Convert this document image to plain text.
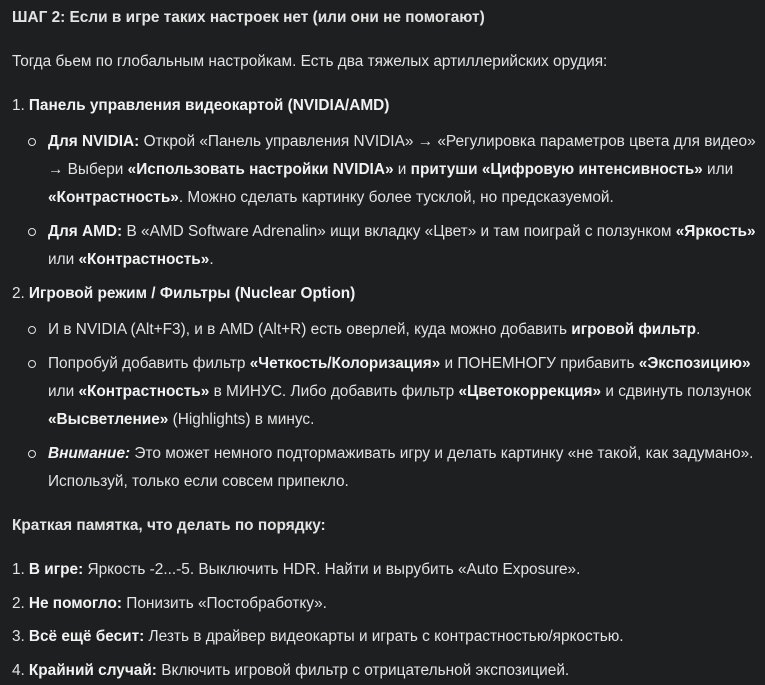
ШАГ 2: Если в игре таких настроек нет (или они не помогают)

Тогда бьем по глобальным настройкам. Есть два тяжелых артиллерийских орудия:

1. Панель управления видеокартой (NVIDIA/AMD)
Для NVIDIA: Открой «Панель управления NVIDIA» → «Регулировка параметров цвета для видео» → Выбери «Использовать настройки NVIDIA» и притуши «Цифровую интенсивность» или «Контрастность». Можно сделать картинку более тусклой, но предсказуемой.
Для AMD: В «AMD Software Adrenalin» ищи вкладку «Цвет» и там поиграй с ползунком «Яркость» или «Контрастность».
2. Игровой режим / Фильтры (Nuclear Option)
И в NVIDIA (Alt+F3), и в AMD (Alt+R) есть оверлей, куда можно добавить игровой фильтр.
Попробуй добавить фильтр «Четкость/Колоризация» и ПОНЕМНОГУ прибавить «Экспозицию» или «Контрастность» в МИНУС. Либо добавить фильтр «Цветокоррекция» и сдвинуть ползунок «Высветление» (Highlights) в минус.
Внимание: Это может немного подтормаживать игру и делать картинку «не такой, как задумано». Используй, только если совсем припекло.
Краткая памятка, что делать по порядку:
1. В игре: Яркость -2...-5. Выключить HDR. Найти и вырубить «Auto Exposure».
2. Не помогло: Понизить «Постобработку».
3. Всё ещё бесит: Лезть в драйвер видеокарты и играть с контрастностью/яркостью.
4. Крайний случай: Включить игровой фильтр с отрицательной экспозицией.
